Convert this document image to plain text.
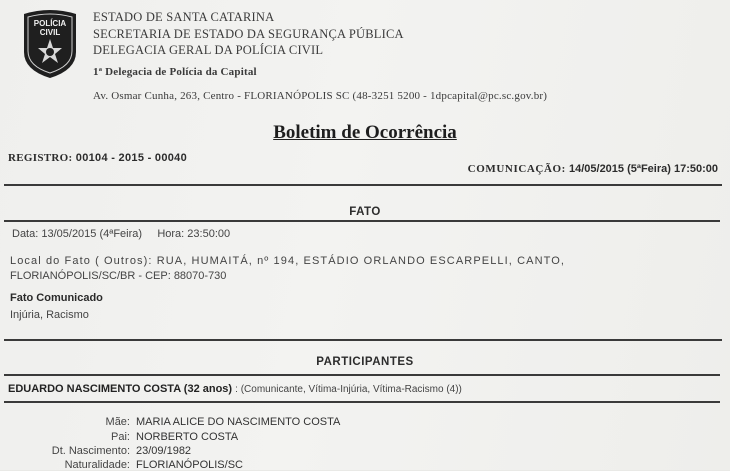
POLÍCIA
CIVIL
ESTADO DE SANTA CATARINA
SECRETARIA DE ESTADO DA SEGURANÇA PÚBLICA
DELEGACIA GERAL DA POLÍCIA CIVIL
1ª Delegacia de Polícia da Capital
Av. Osmar Cunha, 263, Centro - FLORIANÓPOLIS SC (48-3251 5200 - 1dpcapital@pc.sc.gov.br)
Boletim de Ocorrência
REGISTRO: 00104 - 2015 - 00040
COMUNICAÇÃO: 14/05/2015 (5ªFeira) 17:50:00
FATO
Data: 13/05/2015 (4ªFeira) Hora: 23:50:00
Local do Fato ( Outros): RUA, HUMAITÁ, nº 194, ESTÁDIO ORLANDO ESCARPELLI, CANTO,
FLORIANÓPOLIS/SC/BR - CEP: 88070-730
Fato Comunicado
Injúria, Racismo
PARTICIPANTES
EDUARDO NASCIMENTO COSTA (32 anos) : (Comunicante, Vítima-Injúria, Vítima-Racismo (4))
Mãe: MARIA ALICE DO NASCIMENTO COSTA
Pai: NORBERTO COSTA
Dt. Nascimento: 23/09/1982
Naturalidade: FLORIANÓPOLIS/SC
